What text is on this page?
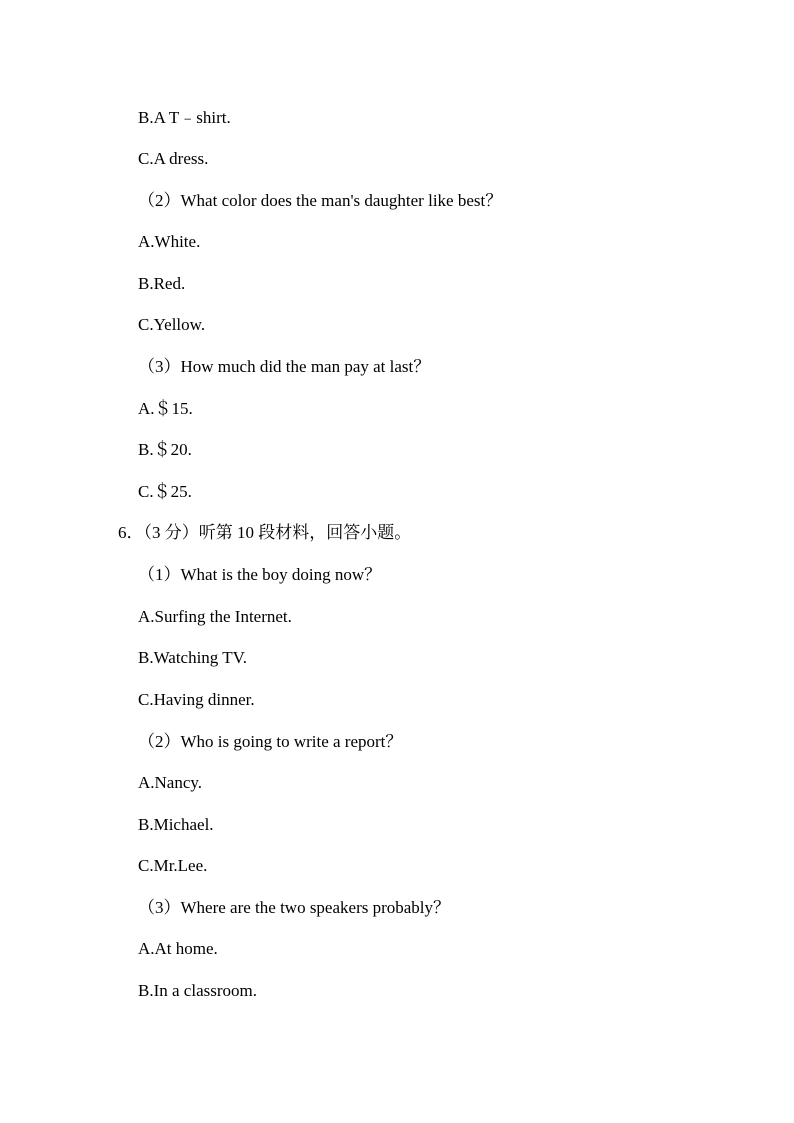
B.A T﹣shirt.
C.A dress.
（2）What color does the man's daughter like best？
A.White.
B.Red.
C.Yellow.
（3）How much did the man pay at last？
A.＄15.
B.＄20.
C.＄25.
6．（3 分）听第 10 段材料，回答小题。
（1）What is the boy doing now？
A.Surfing the Internet.
B.Watching TV.
C.Having dinner.
（2）Who is going to write a report？
A.Nancy.
B.Michael.
C.Mr.Lee.
（3）Where are the two speakers probably？
A.At home.
B.In a classroom.
